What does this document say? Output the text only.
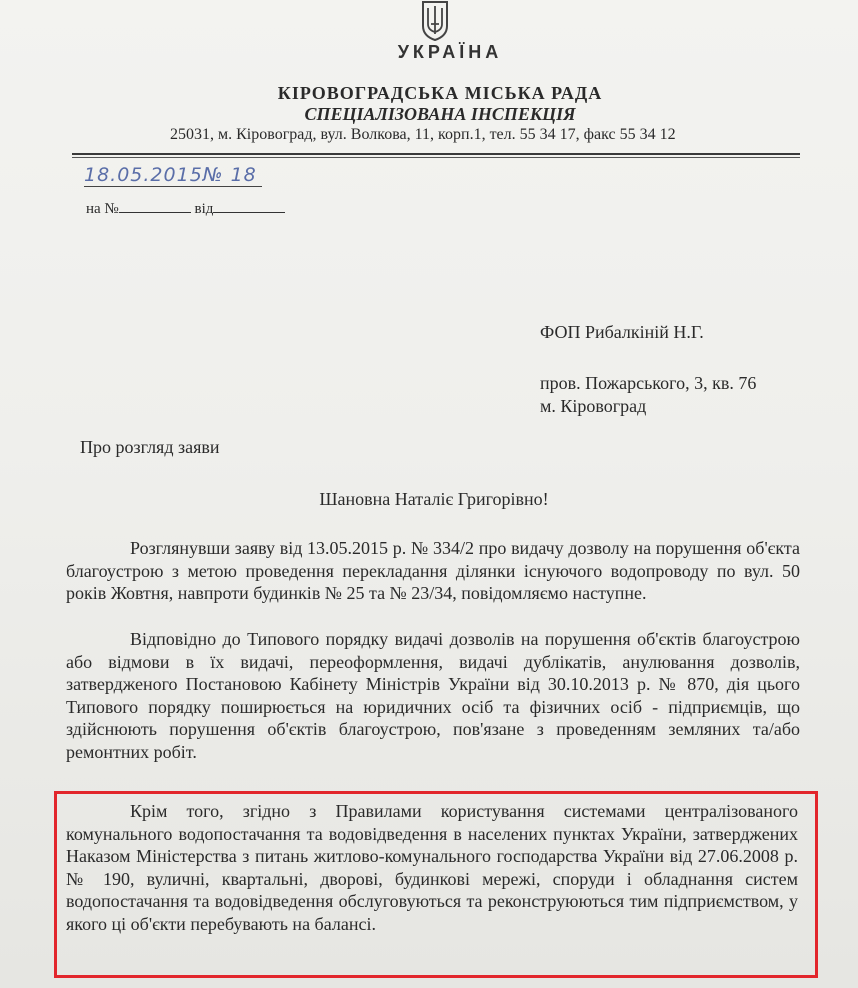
УКРАЇНА
КІРОВОГРАДСЬКА МІСЬКА РАДА
СПЕЦІАЛІЗОВАНА ІНСПЕКЦІЯ
25031, м. Кіровоград, вул. Волкова, 11, корп.1, тел. 55 34 17, факс 55 34 12
18.05.2015№ 18
на №	від
ФОП Рибалкіній Н.Г.
пров. Пожарського, 3, кв. 76
м. Кіровоград
Про розгляд заяви
Шановна Наталіє Григорівно!

Розглянувши заяву від 13.05.2015 р. № 334/2 про видачу дозволу на порушення об'єкта благоустрою з метою проведення перекладання ділянки існуючого водопроводу по вул. 50 років Жовтня, навпроти будинків № 25 та № 23/34, повідомляємо наступне.

Відповідно до Типового порядку видачі дозволів на порушення об'єктів благоустрою або відмови в їх видачі, переоформлення, видачі дублікатів, анулювання дозволів, затвердженого Постановою Кабінету Міністрів України від 30.10.2013 р. № 870, дія цього Типового порядку поширюється на юридичних осіб та фізичних осіб - підприємців, що здійснюють порушення об'єктів благоустрою, пов'язане з проведенням земляних та/або ремонтних робіт.

Крім того, згідно з Правилами користування системами централізованого комунального водопостачання та водовідведення в населених пунктах України, затверджених Наказом Міністерства з питань житлово-комунального господарства України від 27.06.2008 р. № 190, вуличні, квартальні, дворові, будинкові мережі, споруди і обладнання систем водопостачання та водовідведення обслуговуються та реконструюються тим підприємством, у якого ці об'єкти перебувають на балансі.
